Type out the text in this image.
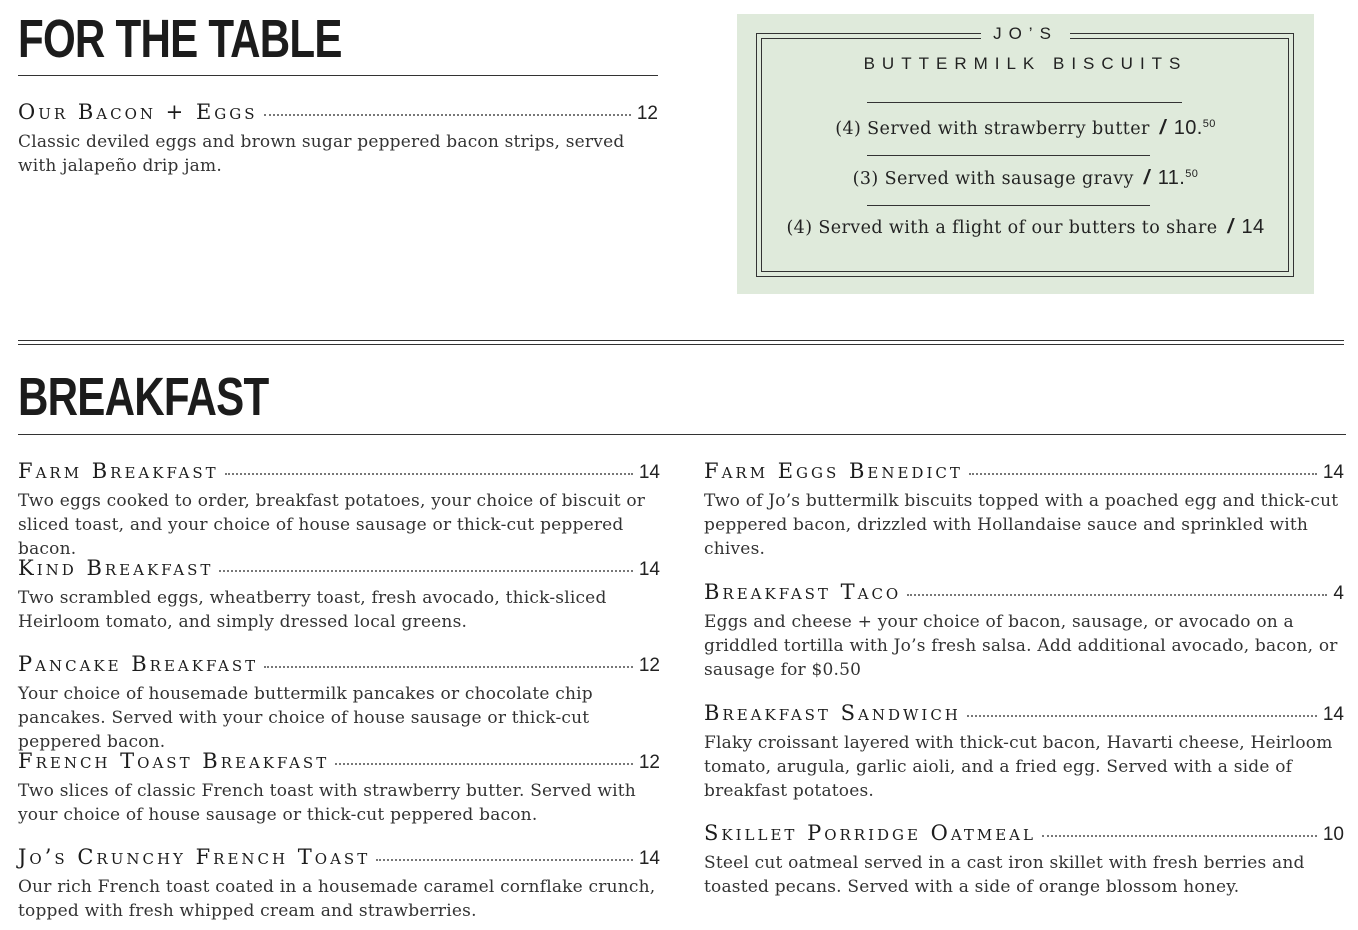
FOR THE TABLE
Our Bacon + Eggs	12

Classic deviled eggs and brown sugar peppered bacon strips, served with jalapeño drip jam.

JO’S
BUTTERMILK BISCUITS
(4) Served with strawberry butter / 10.50
(3) Served with sausage gravy / 11.50
(4) Served with a flight of our butters to share / 14
BREAKFAST
Farm Breakfast	14

Two eggs cooked to order, breakfast potatoes, your choice of biscuit or sliced toast, and your choice of house sausage or thick-cut peppered bacon.

Kind Breakfast	14

Two scrambled eggs, wheatberry toast, fresh avocado, thick-sliced Heirloom tomato, and simply dressed local greens.

Pancake Breakfast	12

Your choice of housemade buttermilk pancakes or chocolate chip pancakes. Served with your choice of house sausage or thick-cut peppered bacon.

French Toast Breakfast	12

Two slices of classic French toast with strawberry butter. Served with your choice of house sausage or thick-cut peppered bacon.

Jo’s Crunchy French Toast	14

Our rich French toast coated in a housemade caramel cornflake crunch, topped with fresh whipped cream and strawberries.

Farm Eggs Benedict	14

Two of Jo’s buttermilk biscuits topped with a poached egg and thick-cut peppered bacon, drizzled with Hollandaise sauce and sprinkled with chives.

Breakfast Taco	4

Eggs and cheese + your choice of bacon, sausage, or avocado on a griddled tortilla with Jo’s fresh salsa. Add additional avocado, bacon, or sausage for $0.50

Breakfast Sandwich	14

Flaky croissant layered with thick-cut bacon, Havarti cheese, Heirloom tomato, arugula, garlic aioli, and a fried egg. Served with a side of breakfast potatoes.

Skillet Porridge Oatmeal	10

Steel cut oatmeal served in a cast iron skillet with fresh berries and toasted pecans. Served with a side of orange blossom honey.
